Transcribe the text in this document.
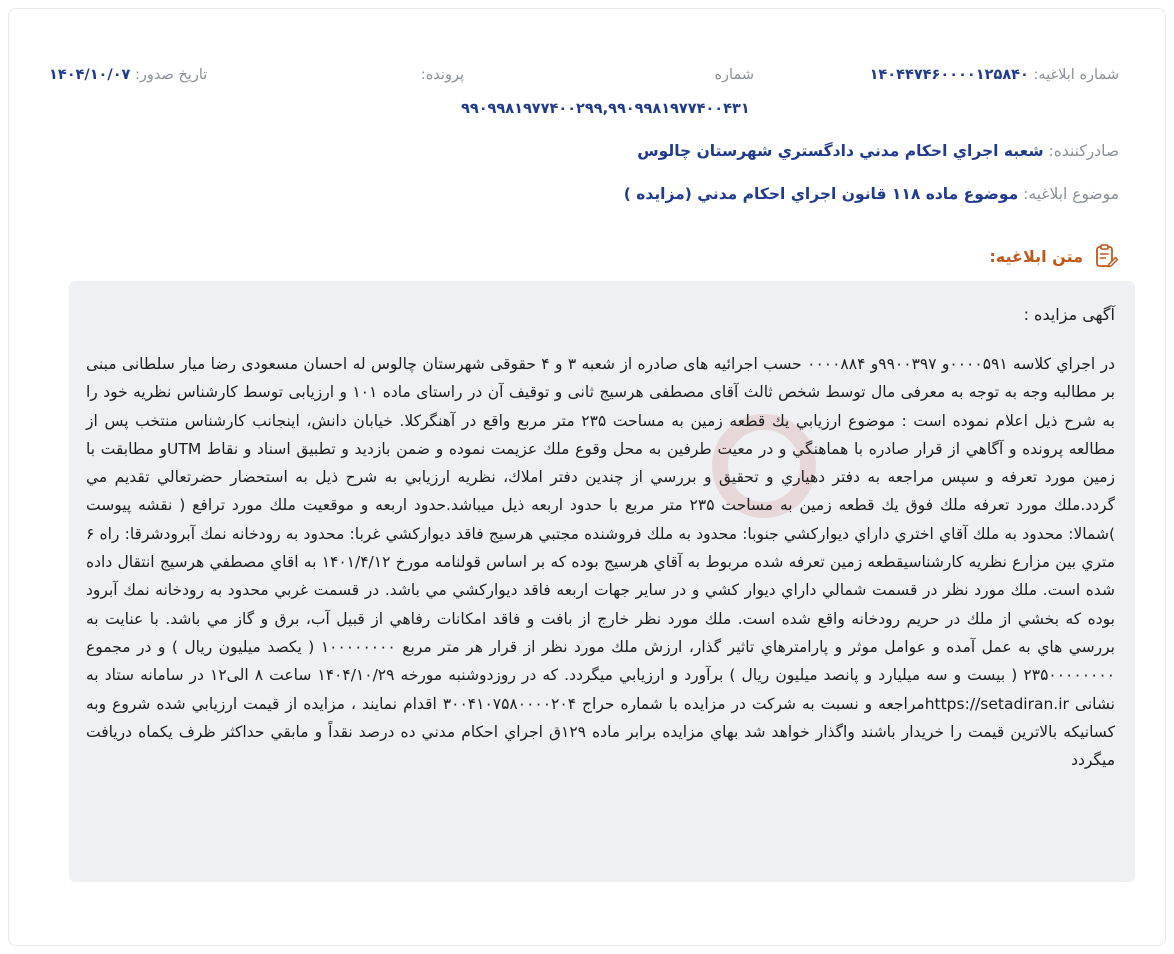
شماره ابلاغیه: ۱۴۰۴۴۷۴۶۰۰۰۰۱۲۵۸۴۰
شماره
پرونده:
تاریخ صدور: ۱۴۰۴/۱۰/۰۷
۹۹۰۹۹۸۱۹۷۷۴۰۰۲۹۹,۹۹۰۹۹۸۱۹۷۷۴۰۰۴۳۱
صادرکننده: شعبه اجراي احكام مدني دادگستري شهرستان چالوس
موضوع ابلاغیه: موضوع ماده ۱۱۸ قانون اجراي احكام مدني (مزايده )
متن ابلاغیه:
آگهی مزایده :

در اجراي كلاسه ۰۰۰۰۵۹۱و ۹۹۰۰۳۹۷و ۰۰۰۰۸۸۴ حسب اجرائیه های صادره از شعبه ۳ و ۴ حقوقی شهرستان چالوس له احسان مسعودی رضا میار سلطانی مبنی بر مطالبه وجه به توجه به معرفی مال توسط شخص ثالث آقای مصطفی هرسیج ثانی و توقیف آن در راستای ماده ۱۰۱ و ارزیابی توسط كارشناس نظریه خود را به شرح ذیل اعلام نموده است : موضوع ارزيابي يك قطعه زمين به مساحت ۲۳۵ متر مربع واقع در آهنگركلا. خيابان دانش، اينجانب كارشناس منتخب پس از مطالعه پرونده و آگاهي از قرار صادره با هماهنگي و در معيت طرفين به محل وقوع ملك عزيمت نموده و ضمن بازديد و تطبيق اسناد و نقاط UTMو مطابقت با زمين مورد تعرفه و سپس مراجعه به دفتر دهياري و تحقيق و بررسي از چندين دفتر املاك، نظريه ارزيابي به شرح ذيل به استحضار حضرتعالي تقديم مي گردد.ملك مورد تعرفه ملك فوق يك قطعه زمين به مساحت ۲۳۵ متر مربع با حدود اربعه ذيل ميباشد.حدود اربعه و موقعيت ملك مورد ترافع ( نقشه پيوست )شمالا: محدود به ملك آقاي اختري داراي ديواركشي جنوبا: محدود به ملك فروشنده مجتبي هرسيج فاقد ديواركشي غربا: محدود به رودخانه نمك آبرودشرقا: راه ۶ متري بين مزارع نظريه كارشناسيقطعه زمين تعرفه شده مربوط به آقاي هرسيج بوده كه بر اساس قولنامه مورخ ۱۴۰۱/۴/۱۲ به اقاي مصطفي هرسيج انتقال داده شده است. ملك مورد نظر در قسمت شمالي داراي ديوار كشي و در ساير جهات اربعه فاقد ديواركشي مي باشد. در قسمت غربي محدود به رودخانه نمك آبرود بوده كه بخشي از ملك در حريم رودخانه واقع شده است. ملك مورد نظر خارج از بافت و فاقد امكانات رفاهي از قبيل آب، برق و گاز مي باشد. با عنايت به بررسي هاي به عمل آمده و عوامل موثر و پارامترهاي تاثير گذار، ارزش ملك مورد نظر از قرار هر متر مربع ۱۰۰۰۰۰۰۰۰ ( يكصد ميليون ريال ) و در مجموع ۲۳۵۰۰۰۰۰۰۰۰ ( بيست و سه ميليارد و پانصد ميليون ريال ) برآورد و ارزيابي ميگردد. كه در روزدوشنبه مورخه ۱۴۰۴/۱۰/۲۹ ساعت ۸ الی۱۲ در سامانه ستاد به نشانی https://setadiran.irمراجعه و نسبت به شركت در مزايده با شماره حراج ۳۰۰۴۱۰۷۵۸۰۰۰۰۲۰۴ اقدام نمایند ، مزايده از قيمت ارزيابي شده شروع وبه كسانيكه بالاترين قيمت را خريدار باشند واگذار خواهد شد بهاي مزايده برابر ماده ۱۲۹ق اجراي احكام مدني ده درصد نقداً و مابقي حداكثر ظرف يكماه دريافت ميگردد
